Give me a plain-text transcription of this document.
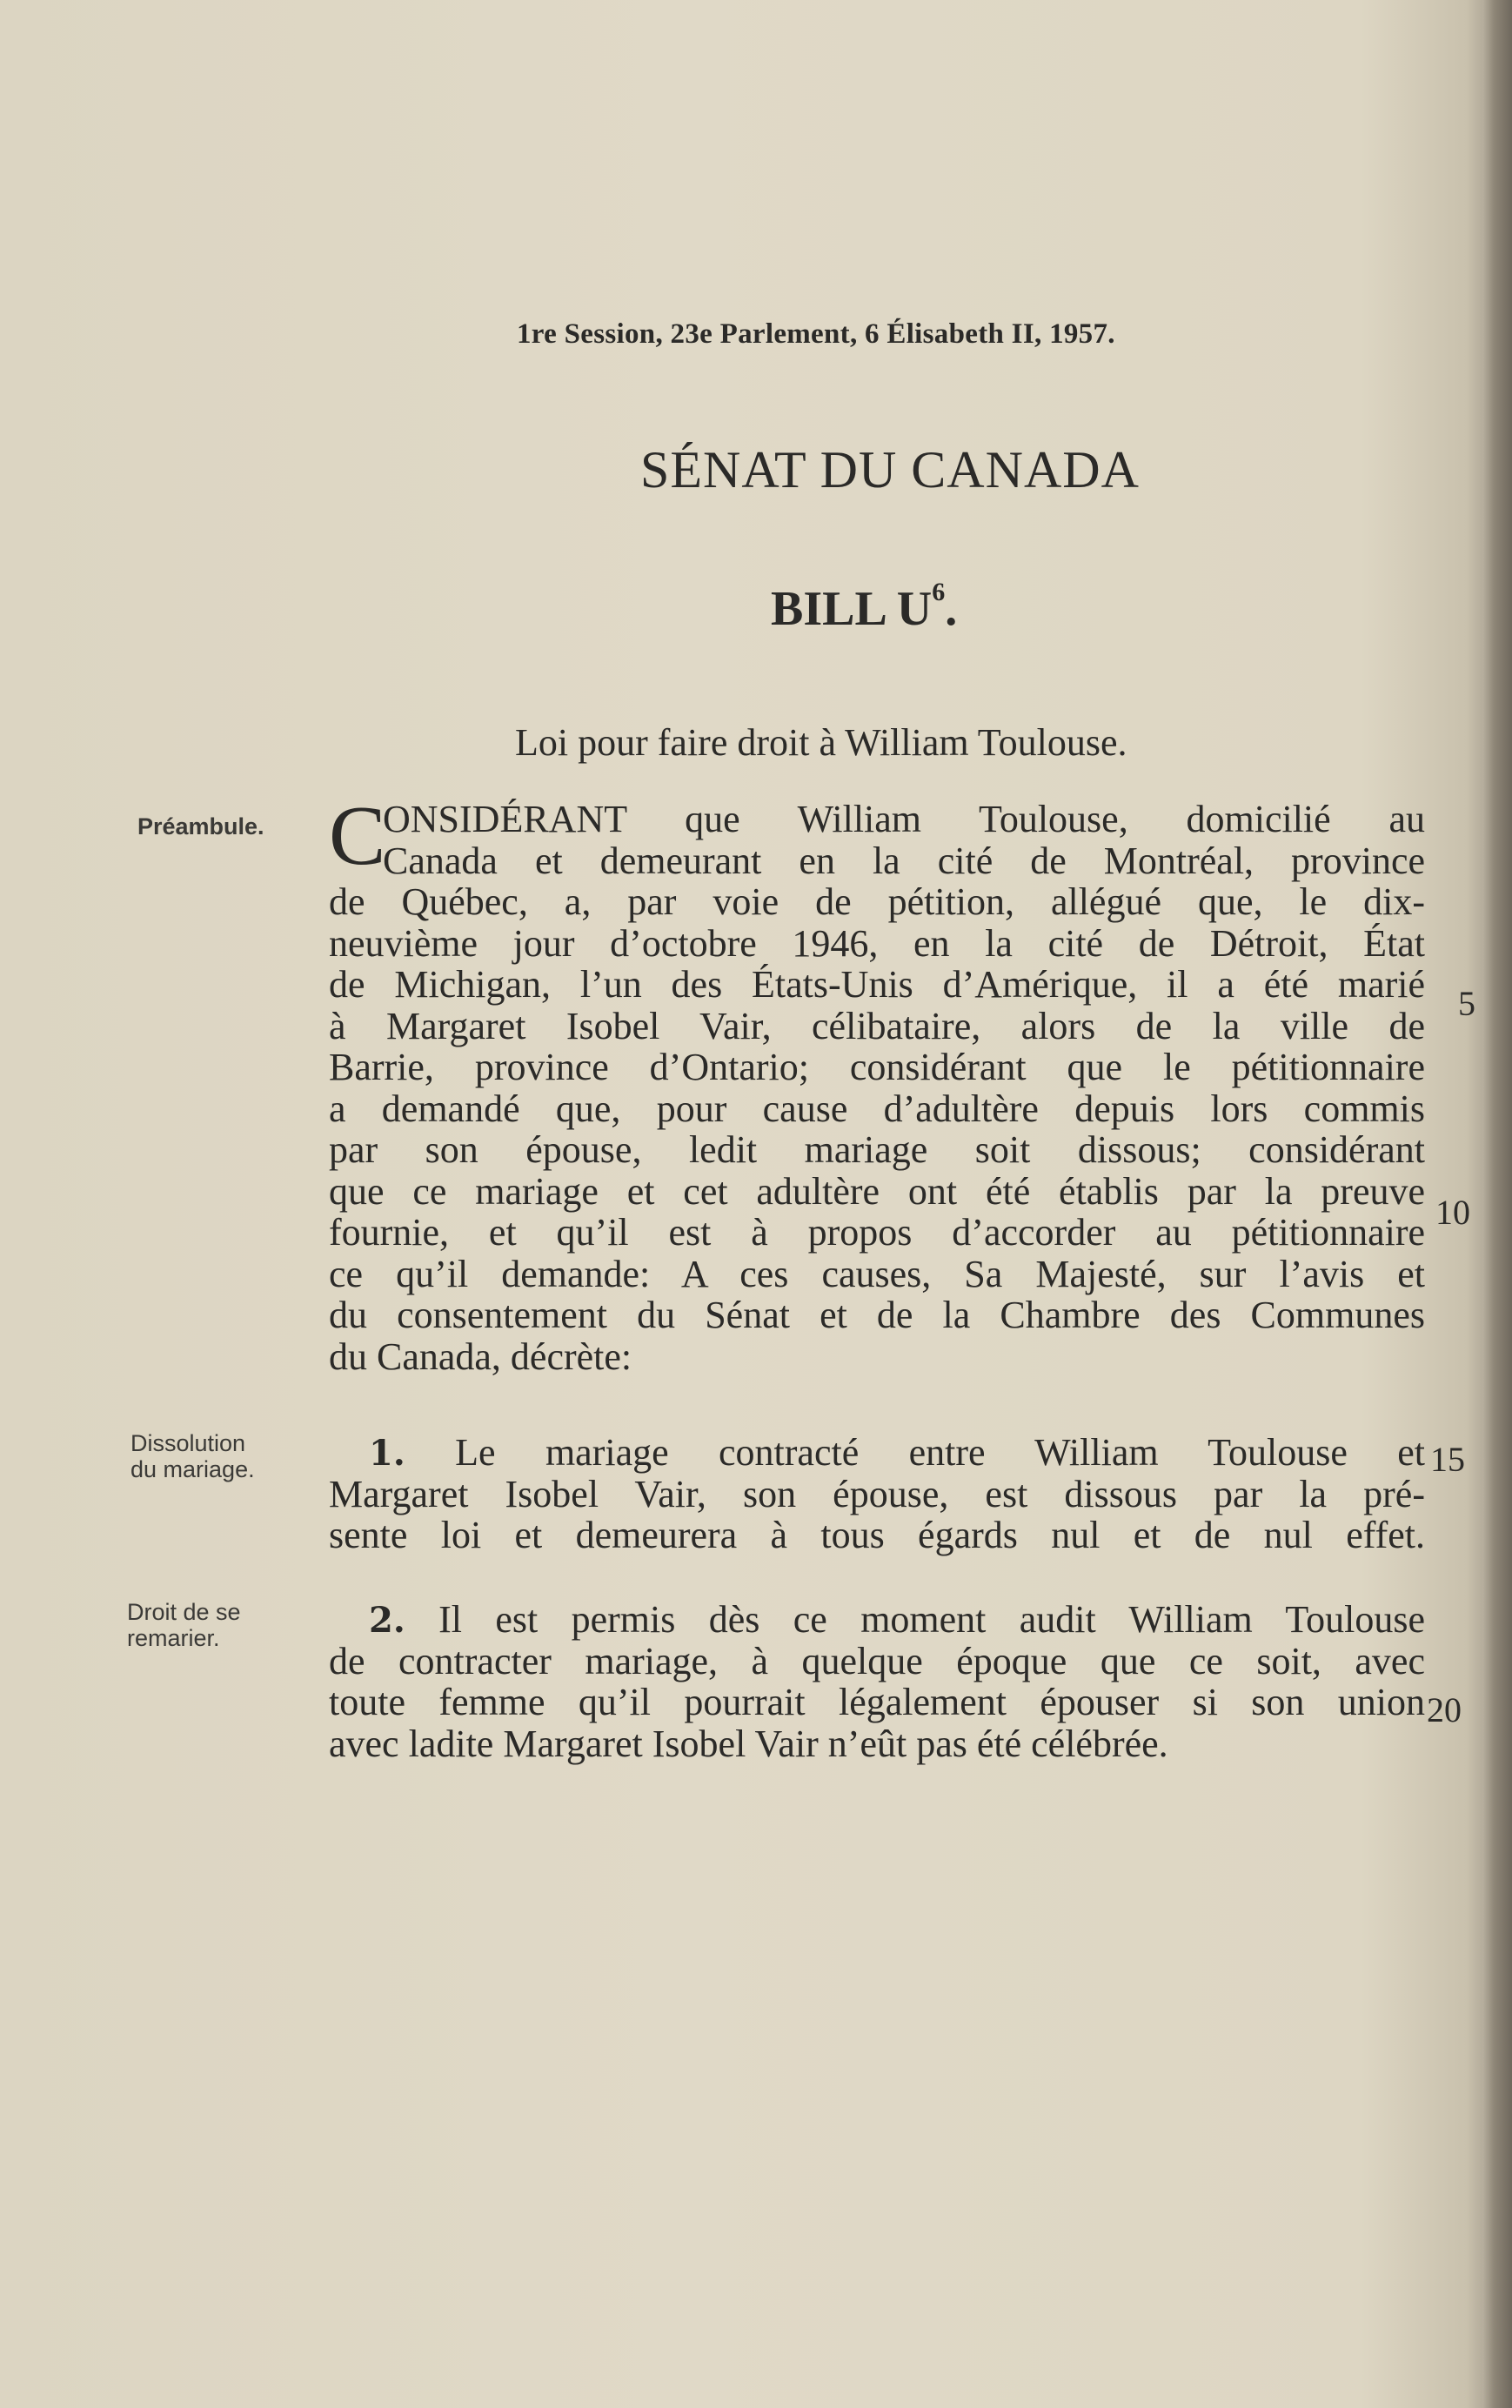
1re Session, 23e Parlement, 6 Élisabeth II, 1957.
SÉNAT DU CANADA
BILL $U^6$.
Loi pour faire droit à William Toulouse.
Préambule.
Dissolution
du mariage.
Droit de se
remarier.
C
ONSIDÉRANT que William Toulouse, domicilié au
Canada et demeurant en la cité de Montréal, province
de Québec, a, par voie de pétition, allégué que, le dix-
neuvième jour d’octobre 1946, en la cité de Détroit, État
de Michigan, l’un des États-Unis d’Amérique, il a été marié
à Margaret Isobel Vair, célibataire, alors de la ville de
Barrie, province d’Ontario; considérant que le pétitionnaire
a demandé que, pour cause d’adultère depuis lors commis
par son épouse, ledit mariage soit dissous; considérant
que ce mariage et cet adultère ont été établis par la preuve
fournie, et qu’il est à propos d’accorder au pétitionnaire
ce qu’il demande: A ces causes, Sa Majesté, sur l’avis et
du consentement du Sénat et de la Chambre des Communes
du Canada, décrète:
1. Le mariage contracté entre William Toulouse et
Margaret Isobel Vair, son épouse, est dissous par la pré-
sente loi et demeurera à tous égards nul et de nul effet.
2. Il est permis dès ce moment audit William Toulouse
de contracter mariage, à quelque époque que ce soit, avec
toute femme qu’il pourrait légalement épouser si son union
avec ladite Margaret Isobel Vair n’eût pas été célébrée.
5
10
15
20
